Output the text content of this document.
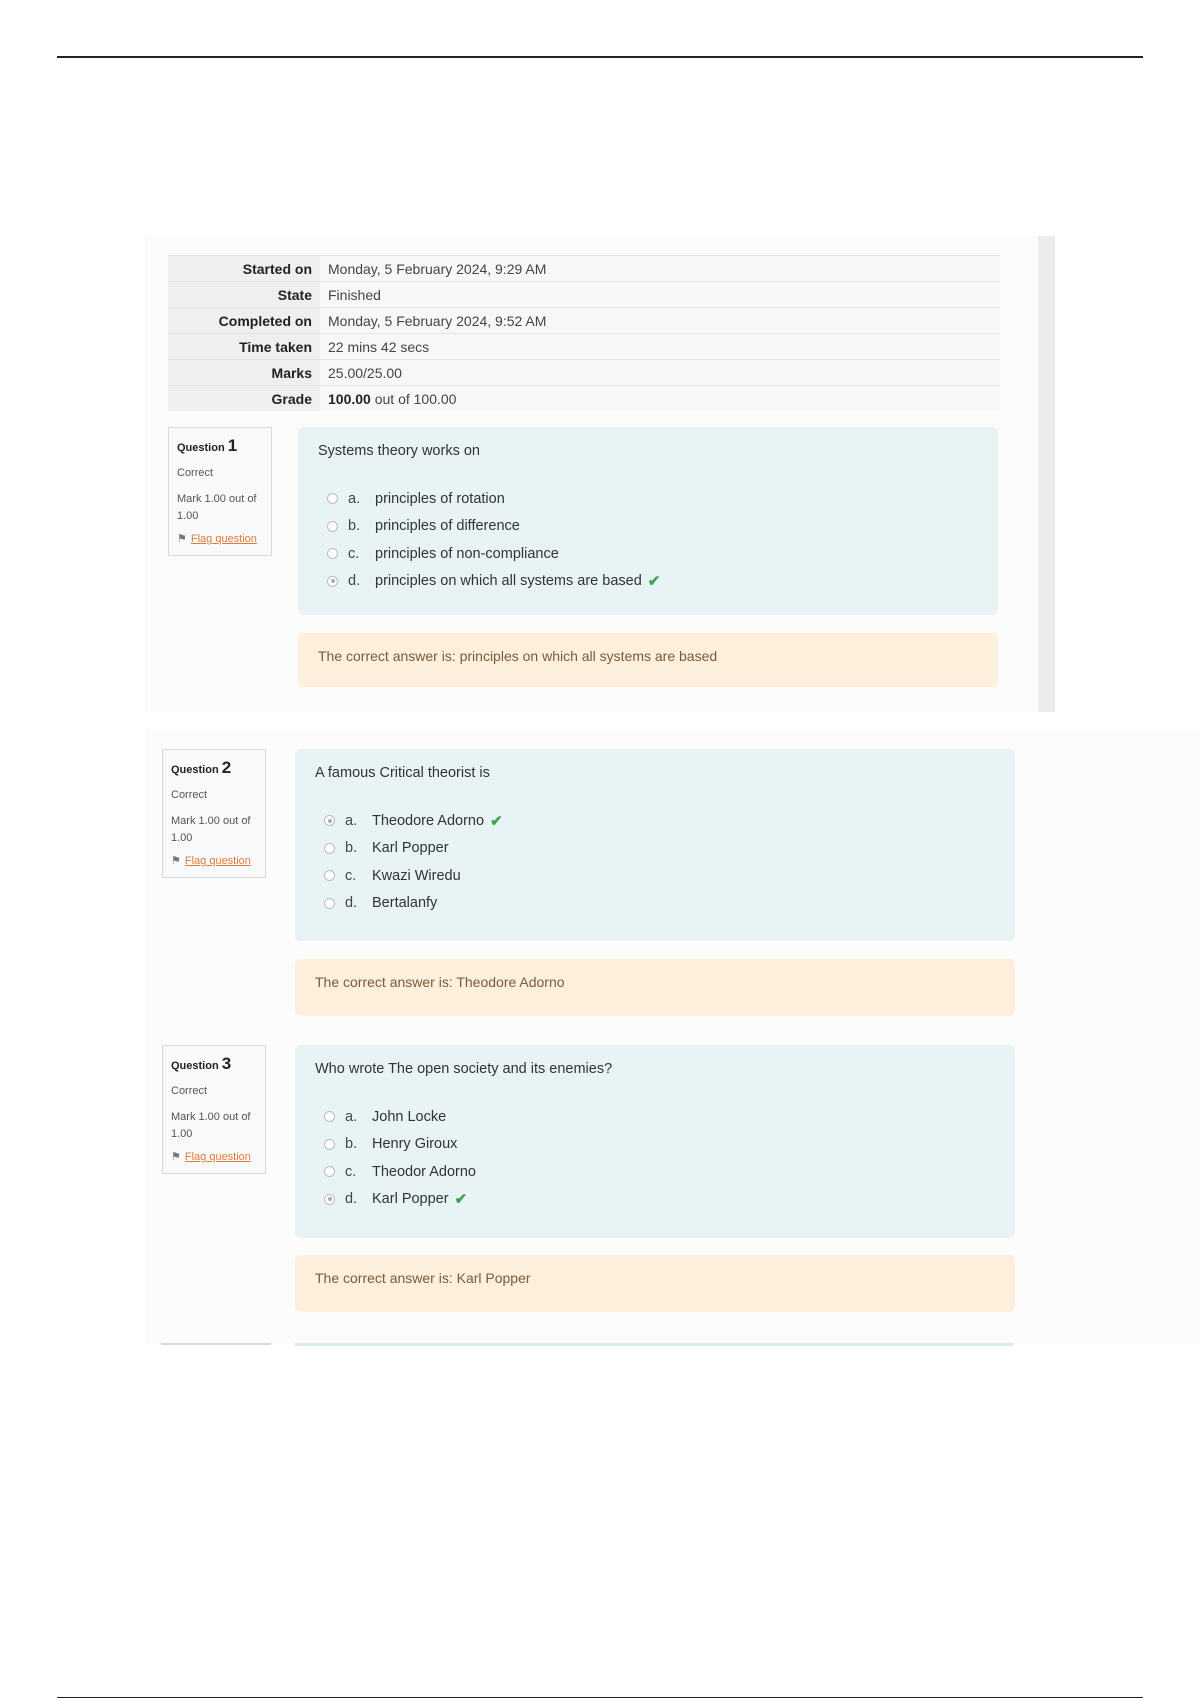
Started on	Monday, 5 February 2024, 9:29 AM
State	Finished
Completed on	Monday, 5 February 2024, 9:52 AM
Time taken	22 mins 42 secs
Marks	25.00/25.00
Grade	100.00 out of 100.00
Question 1
Correct
Mark 1.00 out of 1.00
⚑ Flag question
Systems theory works on
a.	principles of rotation
b.	principles of difference
c.	principles of non-compliance
d.	principles on which all systems are based ✔
The correct answer is: principles on which all systems are based
Question 2
Correct
Mark 1.00 out of 1.00
⚑ Flag question
A famous Critical theorist is
a.	Theodore Adorno ✔
b.	Karl Popper
c.	Kwazi Wiredu
d.	Bertalanfy
The correct answer is: Theodore Adorno
Question 3
Correct
Mark 1.00 out of 1.00
⚑ Flag question
Who wrote The open society and its enemies?
a.	John Locke
b.	Henry Giroux
c.	Theodor Adorno
d.	Karl Popper ✔
The correct answer is: Karl Popper
